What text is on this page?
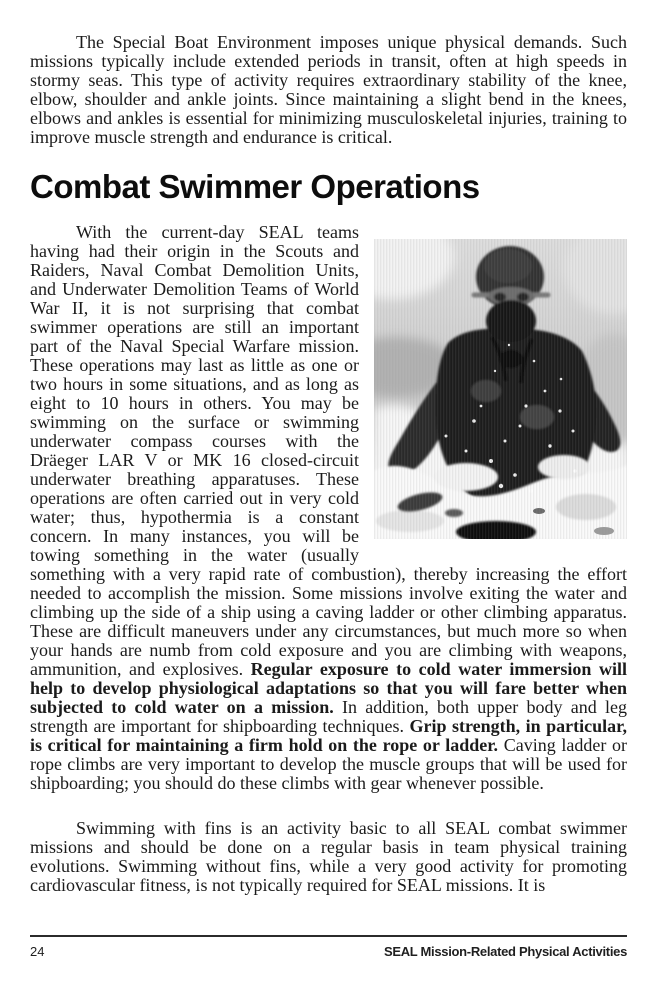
The Special Boat Environment imposes unique physical demands. Such missions typically include extended periods in transit, often at high speeds in stormy seas. This type of activity requires extraordinary stability of the knee, elbow, shoulder and ankle joints. Since maintaining a slight bend in the knees, elbows and ankles is essential for minimizing musculoskeletal injuries, training to improve muscle strength and endurance is critical.

Combat Swimmer Operations
With the current-day SEAL teams having had their origin in the Scouts and Raiders, Naval Combat Demolition Units, and Underwater Demolition Teams of World War II, it is not surprising that combat swimmer operations are still an important part of the Naval Special Warfare mission. These operations may last as little as one or two hours in some situations, and as long as eight to 10 hours in others. You may be swimming on the surface or swimming underwater compass courses with the Dräeger LAR V or MK 16 closed-circuit underwater breathing apparatuses. These operations are often carried out in very cold water; thus, hypothermia is a constant concern. In many instances, you will be towing something in the water (usually something with a very rapid rate of combustion), thereby increasing the effort needed to accomplish the mission. Some missions involve exiting the water and climbing up the side of a ship using a caving ladder or other climbing apparatus. These are difficult maneuvers under any circumstances, but much more so when your hands are numb from cold exposure and you are climbing with weapons, ammunition, and explosives. Regular exposure to cold water immersion will help to develop physiological adaptations so that you will fare better when subjected to cold water on a mission. In addition, both upper body and leg strength are important for shipboarding techniques. Grip strength, in particular, is critical for maintaining a firm hold on the rope or ladder. Caving ladder or rope climbs are very important to develop the muscle groups that will be used for shipboarding; you should do these climbs with gear whenever possible.

Swimming with fins is an activity basic to all SEAL combat swimmer missions and should be done on a regular basis in team physical training evolutions. Swimming without fins, while a very good activity for promoting cardiovascular fitness, is not typically required for SEAL missions. It is

24	SEAL Mission-Related Physical Activities
